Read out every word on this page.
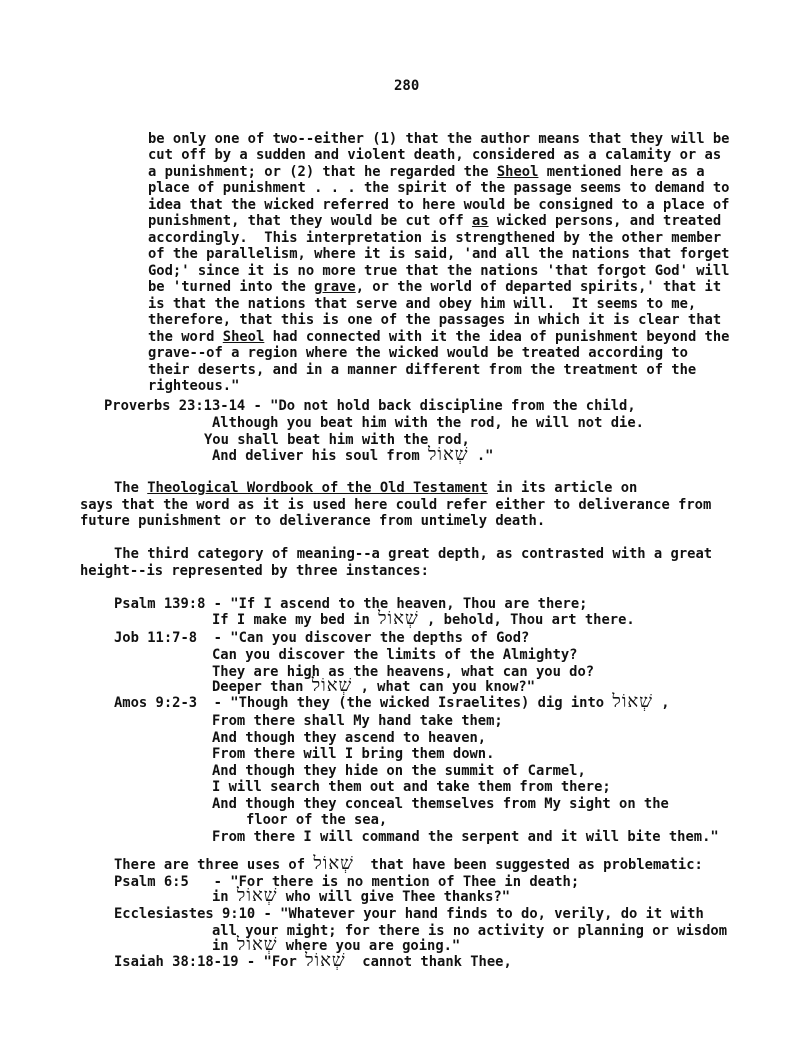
280

be only one of two--either (1) that the author means that they will be
cut off by a sudden and violent death, considered as a calamity or as
a punishment; or (2) that he regarded the Sheol mentioned here as a
place of punishment . . . the spirit of the passage seems to demand to
idea that the wicked referred to here would be consigned to a place of
punishment, that they would be cut off as wicked persons, and treated
accordingly.  This interpretation is strengthened by the other member
of the parallelism, where it is said, 'and all the nations that forget
God;' since it is no more true that the nations 'that forgot God' will
be 'turned into the grave, or the world of departed spirits,' that it
is that the nations that serve and obey him will.  It seems to me,
therefore, that this is one of the passages in which it is clear that
the word Sheol had connected with it the idea of punishment beyond the
grave--of a region where the wicked would be treated according to
their deserts, and in a manner different from the treatment of the
righteous."
Proverbs 23:13-14 - "Do not hold back discipline from the child,
Although you beat him with the rod, he will not die.
You shall beat him with the rod,
And deliver his soul from שְׁאוֹל ."
The Theological Wordbook of the Old Testament in its article on
says that the word as it is used here could refer either to deliverance from
future punishment or to deliverance from untimely death.
The third category of meaning--a great depth, as contrasted with a great
height--is represented by three instances:
Psalm 139:8 - "If I ascend to the heaven, Thou are there;
If I make my bed in שְׁאוֹל , behold, Thou art there.
Job 11:7-8  - "Can you discover the depths of God?
Can you discover the limits of the Almighty?
They are high as the heavens, what can you do?
Deeper than שְׁאוֹל , what can you know?"
Amos 9:2-3  - "Though they (the wicked Israelites) dig into שְׁאוֹל ,
From there shall My hand take them;
And though they ascend to heaven,
From there will I bring them down.
And though they hide on the summit of Carmel,
I will search them out and take them from there;
And though they conceal themselves from My sight on the
floor of the sea,
From there I will command the serpent and it will bite them."
There are three uses of שְׁאוֹל  that have been suggested as problematic:
Psalm 6:5   - "For there is no mention of Thee in death;
in שְׁאוֹל who will give Thee thanks?"
Ecclesiastes 9:10 - "Whatever your hand finds to do, verily, do it with
all your might; for there is no activity or planning or wisdom
in שְׁאוֹל where you are going."
Isaiah 38:18-19 - "For שְׁאוֹל  cannot thank Thee,
